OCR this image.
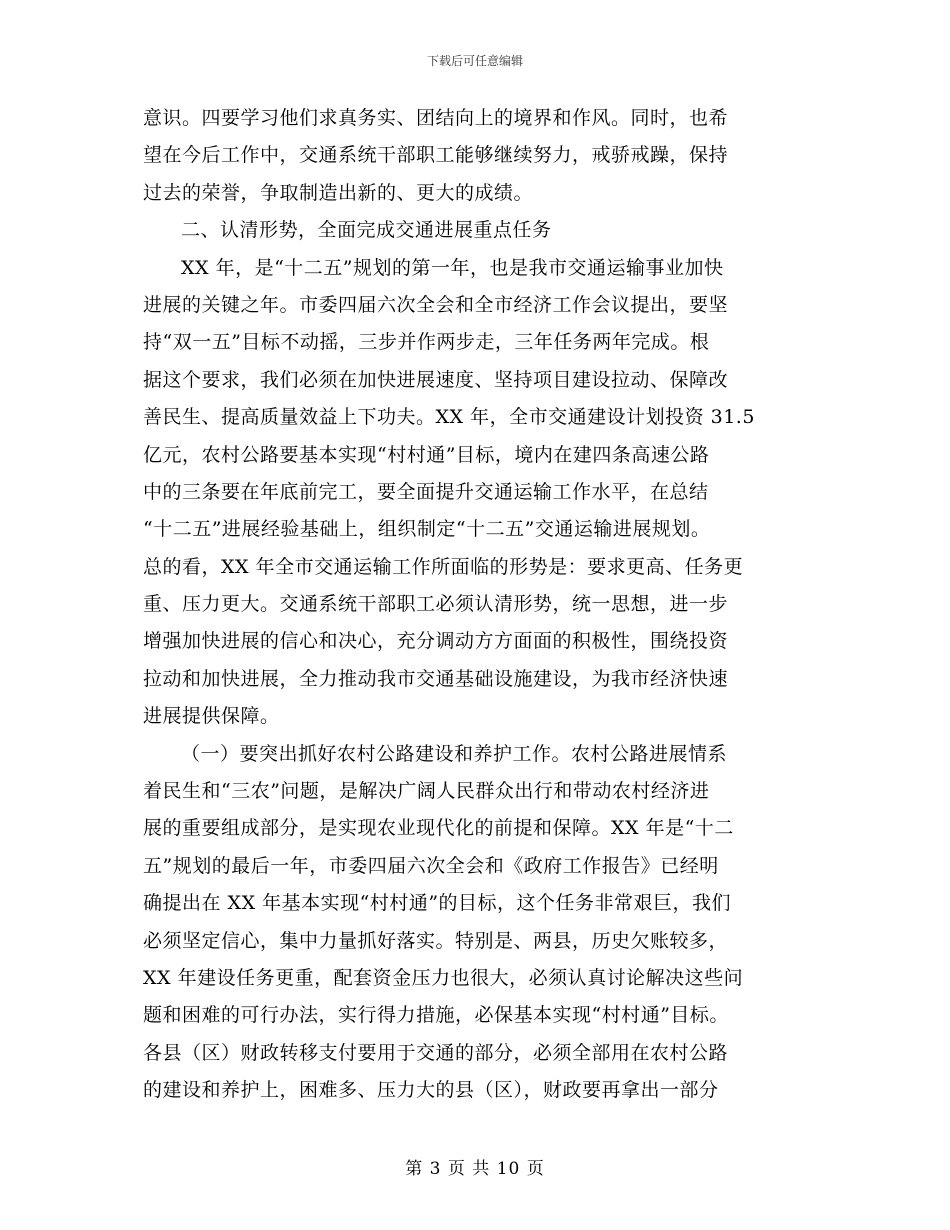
下载后可任意编辑
意识。四要学习他们求真务实、团结向上的境界和作风。同时，也希
望在今后工作中，交通系统干部职工能够继续努力，戒骄戒躁，保持
过去的荣誉，争取制造出新的、更大的成绩。
二、认清形势，全面完成交通进展重点任务
XX 年，是“十二五”规划的第一年，也是我市交通运输事业加快
进展的关键之年。市委四届六次全会和全市经济工作会议提出，要坚
持“双一五”目标不动摇，三步并作两步走，三年任务两年完成。根
据这个要求，我们必须在加快进展速度、坚持项目建设拉动、保障改
善民生、提高质量效益上下功夫。XX 年，全市交通建设计划投资 31.5
亿元，农村公路要基本实现“村村通”目标，境内在建四条高速公路
中的三条要在年底前完工，要全面提升交通运输工作水平，在总结
“十二五”进展经验基础上，组织制定“十二五”交通运输进展规划。
总的看，XX 年全市交通运输工作所面临的形势是：要求更高、任务更
重、压力更大。交通系统干部职工必须认清形势，统一思想，进一步
增强加快进展的信心和决心，充分调动方方面面的积极性，围绕投资
拉动和加快进展，全力推动我市交通基础设施建设，为我市经济快速
进展提供保障。
（一）要突出抓好农村公路建设和养护工作。农村公路进展情系
着民生和“三农”问题，是解决广阔人民群众出行和带动农村经济进
展的重要组成部分，是实现农业现代化的前提和保障。XX 年是“十二
五”规划的最后一年，市委四届六次全会和《政府工作报告》已经明
确提出在 XX 年基本实现“村村通”的目标，这个任务非常艰巨，我们
必须坚定信心，集中力量抓好落实。特别是、两县，历史欠账较多，
XX 年建设任务更重，配套资金压力也很大，必须认真讨论解决这些问
题和困难的可行办法，实行得力措施，必保基本实现“村村通”目标。
各县（区）财政转移支付要用于交通的部分，必须全部用在农村公路
的建设和养护上，困难多、压力大的县（区），财政要再拿出一部分
第 3 页 共 10 页
